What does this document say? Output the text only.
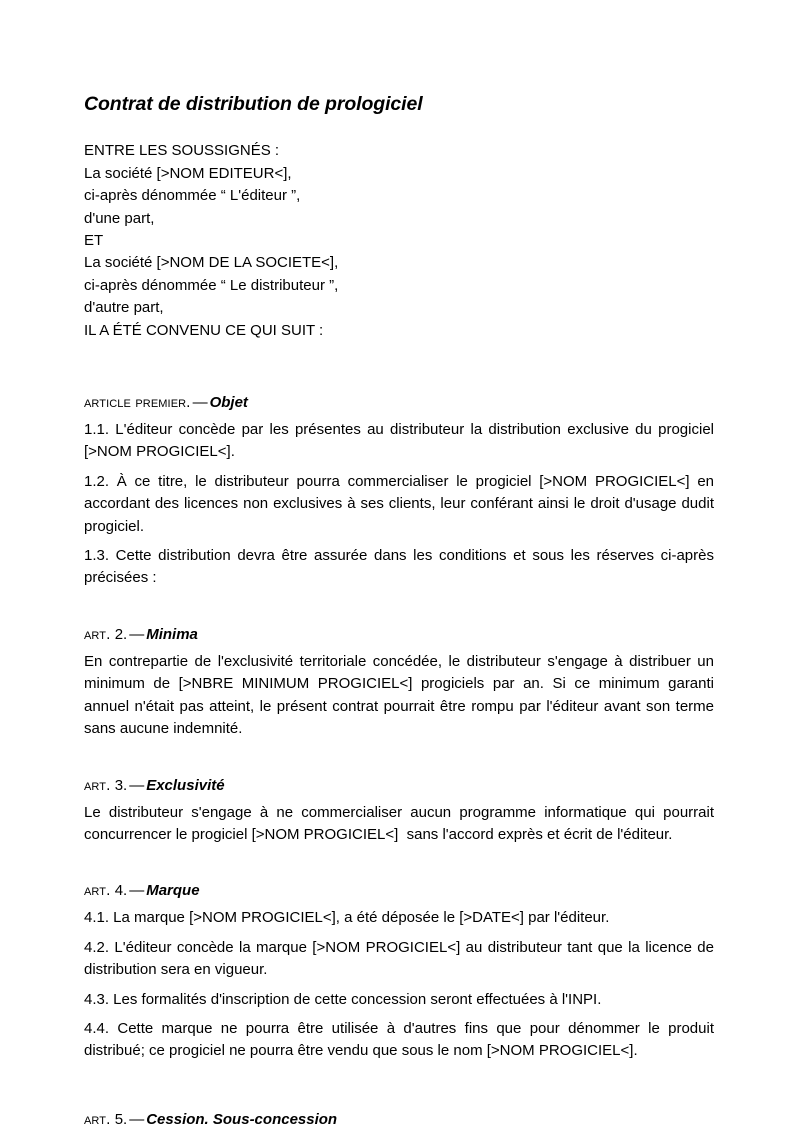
Contrat de distribution de prologiciel
ENTRE LES SOUSSIGNÉS :
La société [>NOM EDITEUR<],
ci-après dénommée “ L'éditeur ”,
d'une part,
ET
La société [>NOM DE LA SOCIETE<],
ci-après dénommée “ Le distributeur ”,
d'autre part,
IL A ÉTÉ CONVENU CE QUI SUIT :
article premier. — Objet

1.1. L'éditeur concède par les présentes au distributeur la distribution exclusive du progiciel [>NOM PROGICIEL<].

1.2. À ce titre, le distributeur pourra commercialiser le progiciel [>NOM PROGICIEL<] en accordant des licences non exclusives à ses clients, leur conférant ainsi le droit d'usage dudit progiciel.

1.3. Cette distribution devra être assurée dans les conditions et sous les réserves ci-après précisées :

art. 2. — Minima

En contrepartie de l'exclusivité territoriale concédée, le distributeur s'engage à distribuer un minimum de [>NBRE MINIMUM PROGICIEL<] progiciels par an. Si ce minimum garanti annuel n'était pas atteint, le présent contrat pourrait être rompu par l'éditeur avant son terme sans aucune indemnité.

art. 3. — Exclusivité

Le distributeur s'engage à ne commercialiser aucun programme informatique qui pourrait concurrencer le progiciel [>NOM PROGICIEL<]  sans l'accord exprès et écrit de l'éditeur.

art. 4. — Marque

4.1. La marque [>NOM PROGICIEL<], a été déposée le [>DATE<] par l'éditeur.

4.2. L'éditeur concède la marque [>NOM PROGICIEL<] au distributeur tant que la licence de distribution sera en vigueur.

4.3. Les formalités d'inscription de cette concession seront effectuées à l'INPI.

4.4. Cette marque ne pourra être utilisée à d'autres fins que pour dénommer le produit distribué; ce progiciel ne pourra être vendu que sous le nom [>NOM PROGICIEL<].

art. 5. — Cession. Sous-concession
